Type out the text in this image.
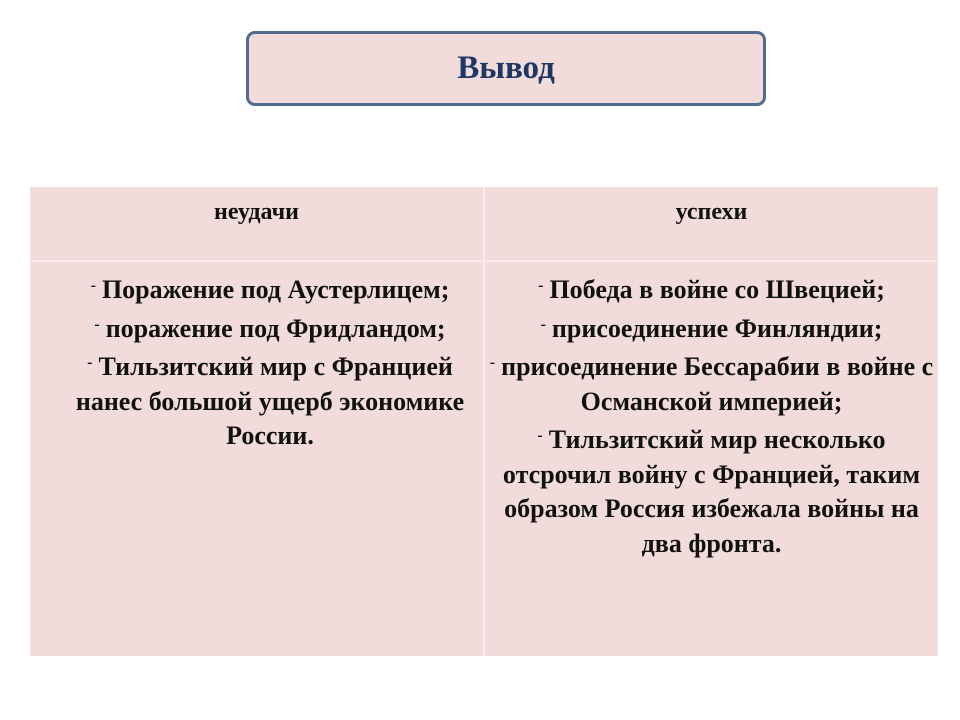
Вывод
неудачи	успехи
- Поражение под Аустерлицем;
- поражение под Фридландом;
- Тильзитский мир с Францией нанес большой ущерб экономике России.
- Победа в войне со Швецией;
- присоединение Финляндии;
- присоединение Бессарабии в войне с Османской империей;
- Тильзитский мир несколько отсрочил войну с Францией, таким образом Россия избежала войны на два фронта.
